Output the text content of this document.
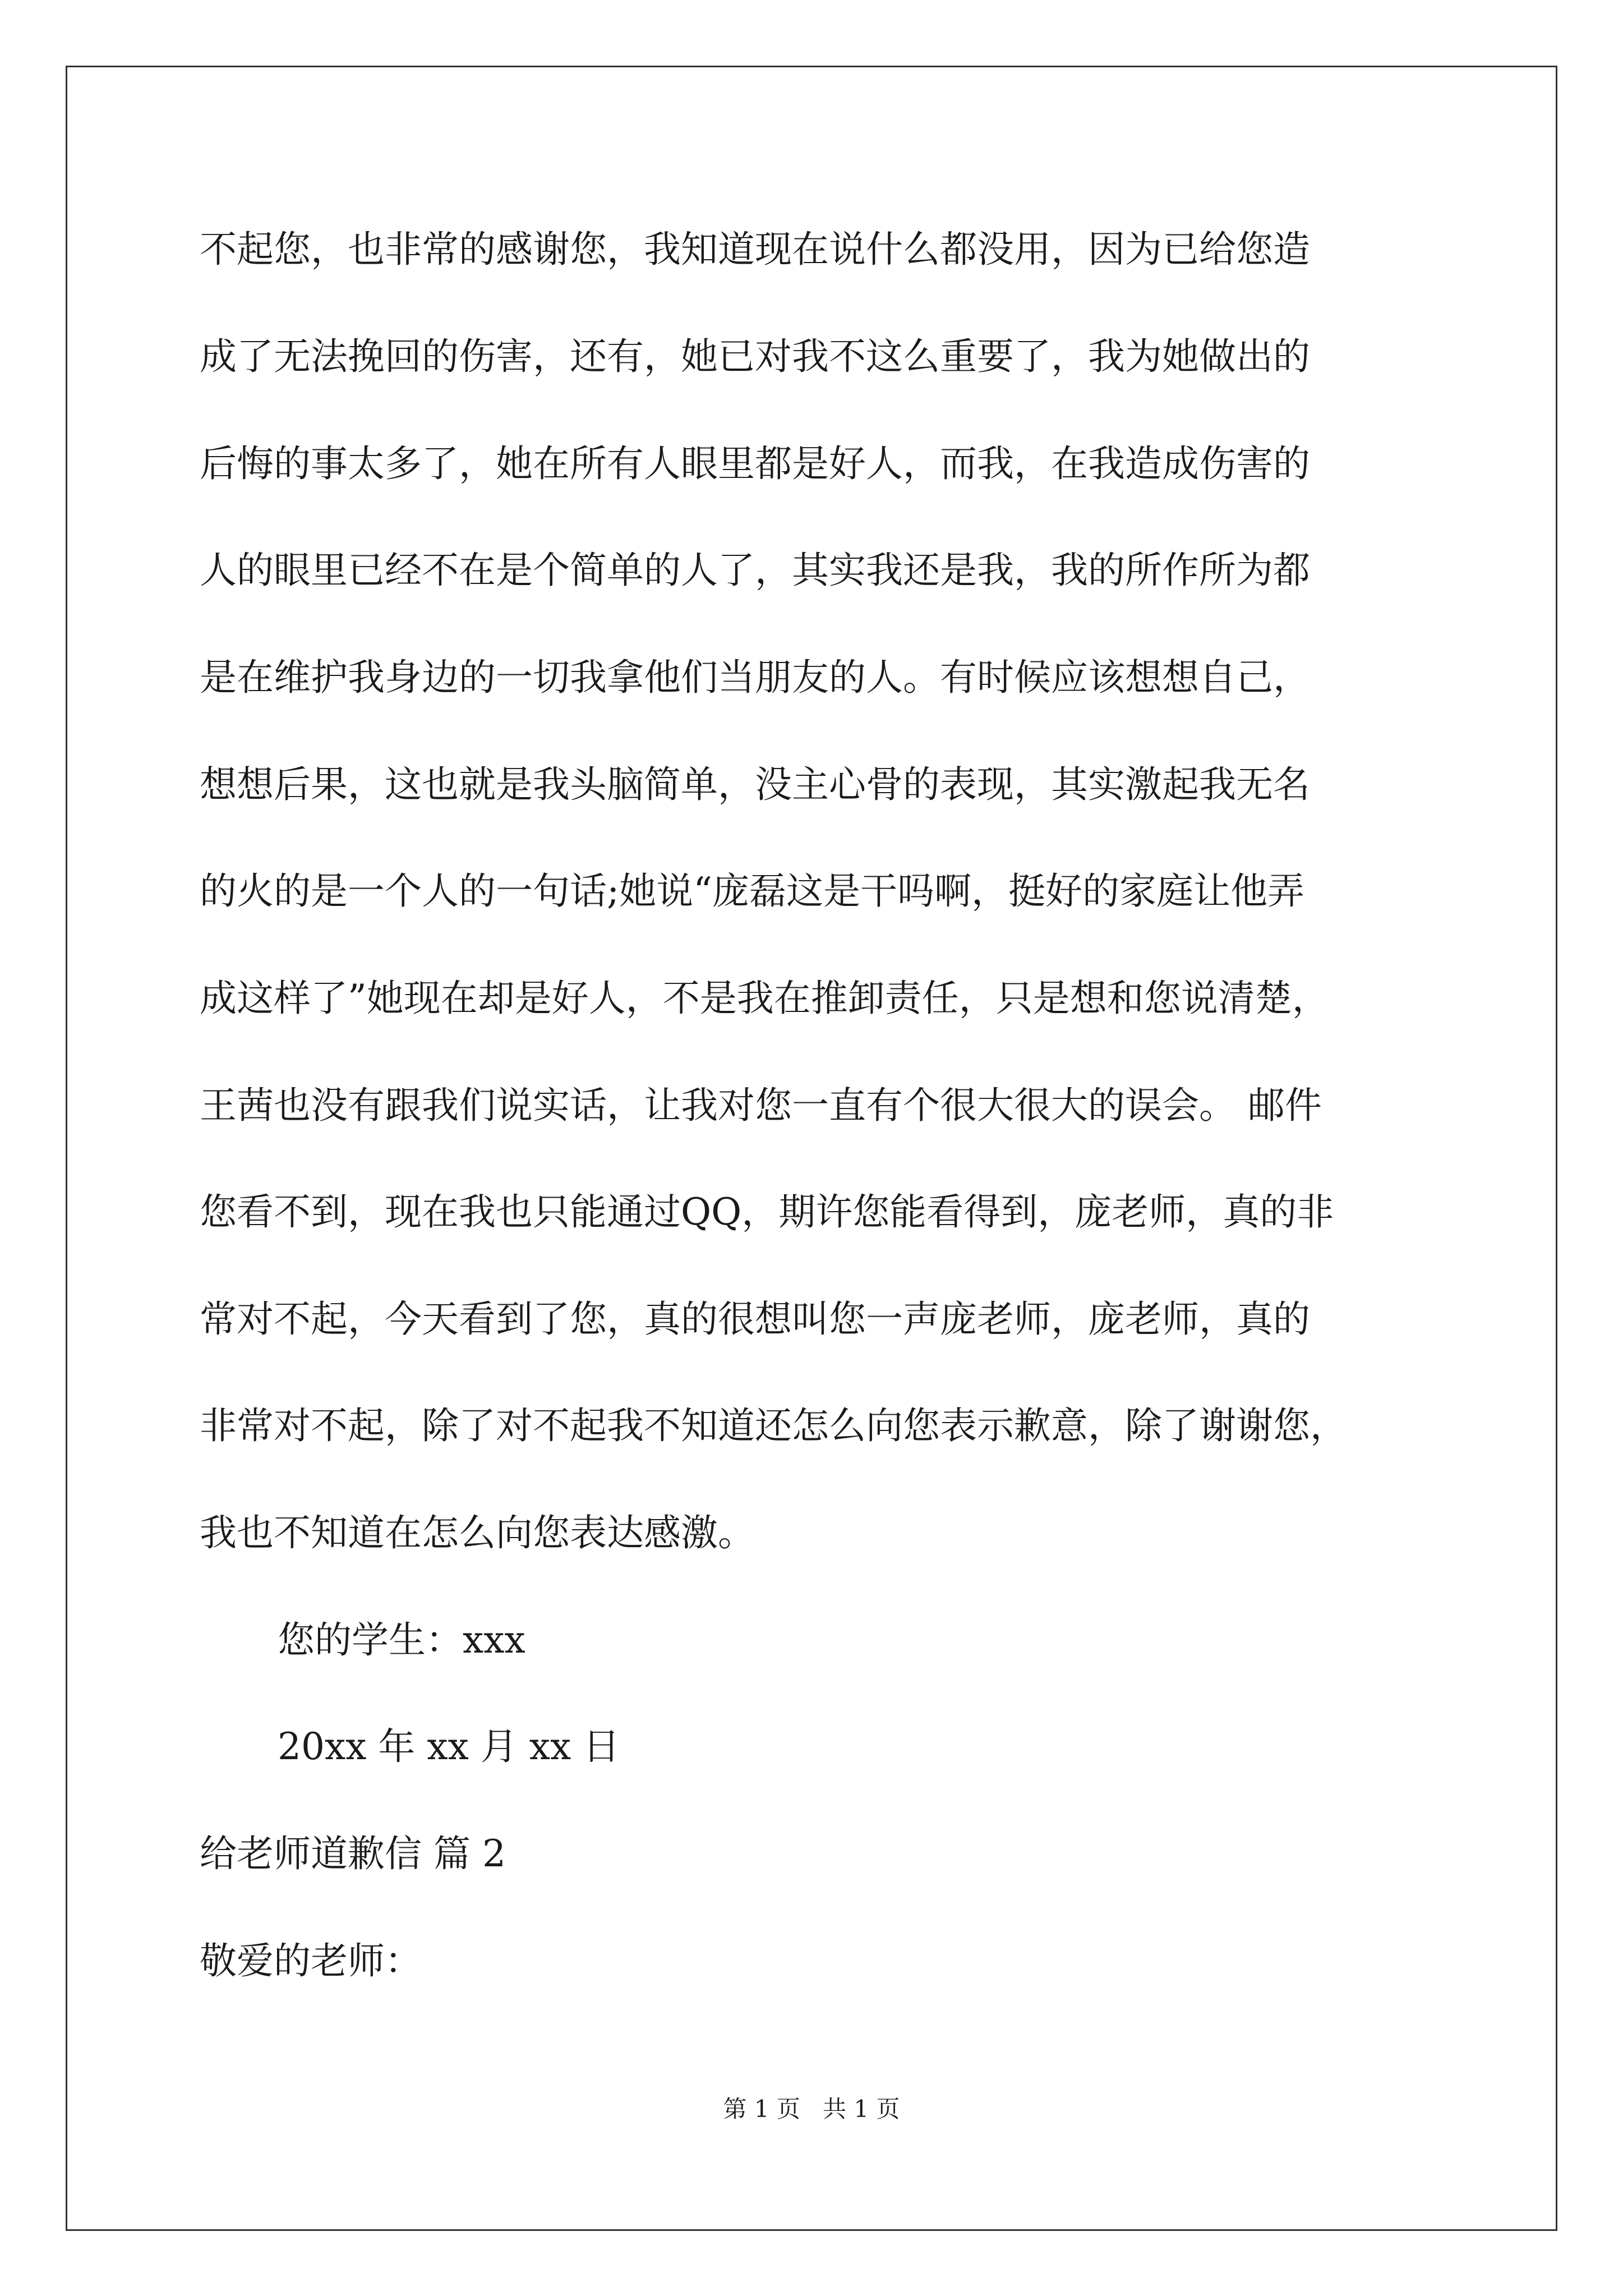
不起您，也非常的感谢您，我知道现在说什么都没用，因为已给您造
成了无法挽回的伤害，还有，她已对我不这么重要了，我为她做出的
后悔的事太多了，她在所有人眼里都是好人，而我，在我造成伤害的
人的眼里已经不在是个简单的人了，其实我还是我，我的所作所为都
是在维护我身边的一切我拿他们当朋友的人。有时候应该想想自己，
想想后果，这也就是我头脑简单，没主心骨的表现，其实激起我无名
的火的是一个人的一句话;她说“庞磊这是干吗啊，挺好的家庭让他弄
成这样了”她现在却是好人，不是我在推卸责任，只是想和您说清楚，
王茜也没有跟我们说实话，让我对您一直有个很大很大的误会。 邮件
您看不到，现在我也只能通过QQ，期许您能看得到，庞老师，真的非
常对不起，今天看到了您，真的很想叫您一声庞老师，庞老师，真的
非常对不起，除了对不起我不知道还怎么向您表示歉意，除了谢谢您，
我也不知道在怎么向您表达感激。
您的学生：xxx
20xx 年 xx 月 xx 日
给老师道歉信 篇 2
敬爱的老师：
第 1 页   共 1 页
